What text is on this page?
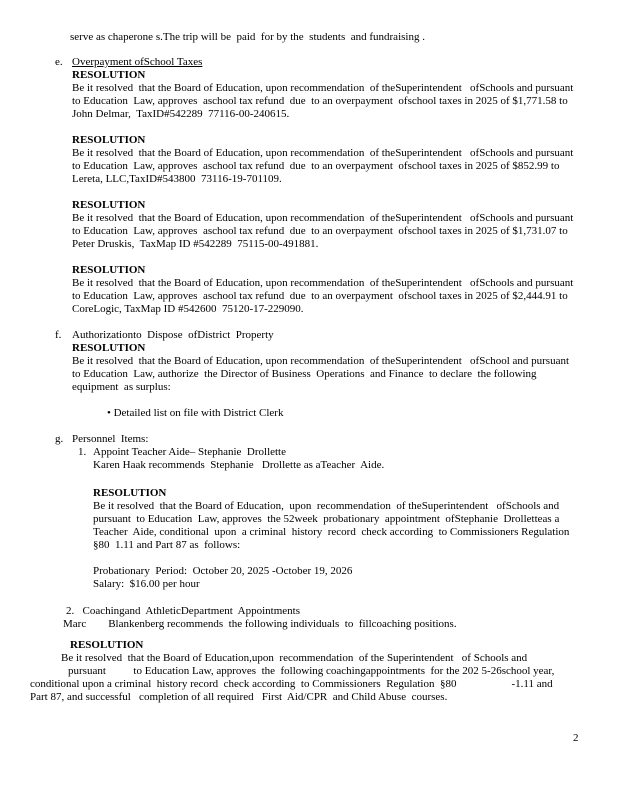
serve as chaperone s.The trip will be  paid  for by the  students  and fundraising .

e. Overpayment ofSchool Taxes
RESOLUTION
Be it resolved  that the Board of Education, upon recommendation  of theSuperintendent   ofSchools and pursuant  to Education  Law, approves  aschool tax refund  due  to an overpayment  ofschool taxes in 2025 of $1,771.58 to John Delmar,  TaxID#542289  77116-00-240615.
RESOLUTION
Be it resolved  that the Board of Education, upon recommendation  of theSuperintendent   ofSchools and pursuant  to Education  Law, approves  aschool tax refund  due  to an overpayment  ofschool taxes in 2025 of $852.99 to Lereta, LLC,TaxID#543800  73116-19-701109.
RESOLUTION
Be it resolved  that the Board of Education, upon recommendation  of theSuperintendent   ofSchools and pursuant  to Education  Law, approves  aschool tax refund  due  to an overpayment  ofschool taxes in 2025 of $1,731.07 to Peter Druskis,  TaxMap ID #542289  75115-00-491881.
RESOLUTION
Be it resolved  that the Board of Education, upon recommendation  of theSuperintendent   ofSchools and pursuant  to Education  Law, approves  aschool tax refund  due  to an overpayment  ofschool taxes in 2025 of $2,444.91 to CoreLogic, TaxMap ID #542600  75120-17-229090.
f. Authorizationto  Dispose  ofDistrict  Property
RESOLUTION
Be it resolved  that the Board of Education, upon recommendation  of theSuperintendent   ofSchool and pursuant  to Education  Law, authorize  the Director of Business  Operations  and Finance  to declare  the following equipment  as surplus:
• Detailed list on file with District Clerk
g. Personnel  Items:
1. Appoint Teacher Aide– Stephanie  Drollette
Karen Haak recommends  Stephanie   Drollette as aTeacher  Aide.
RESOLUTION
Be it resolved  that the Board of Education,  upon  recommendation  of theSuperintendent   ofSchools and pursuant  to Education  Law, approves  the 52week  probationary  appointment  ofStephanie  Drolletteas a Teacher  Aide, conditional  upon  a criminal  history  record  check according  to Commissioners Regulation  §80  1.11 and Part 87 as  follows:
Probationary  Period:  October 20, 2025 -October 19, 2026
Salary:  $16.00 per hour
2.   Coachingand  AthleticDepartment  Appointments
Marc        Blankenberg recommends  the following individuals  to  fillcoaching positions.
RESOLUTION
Be it resolved  that the Board of Education,upon  recommendation  of the Superintendent   of Schools and
pursuant          to Education Law, approves  the  following coachingappointments  for the 202 5-26school year,
conditional upon a criminal  history record  check according  to Commissioners  Regulation  §80                    -1.11 and
Part 87, and successful   completion of all required   First  Aid/CPR  and Child Abuse  courses.
2
